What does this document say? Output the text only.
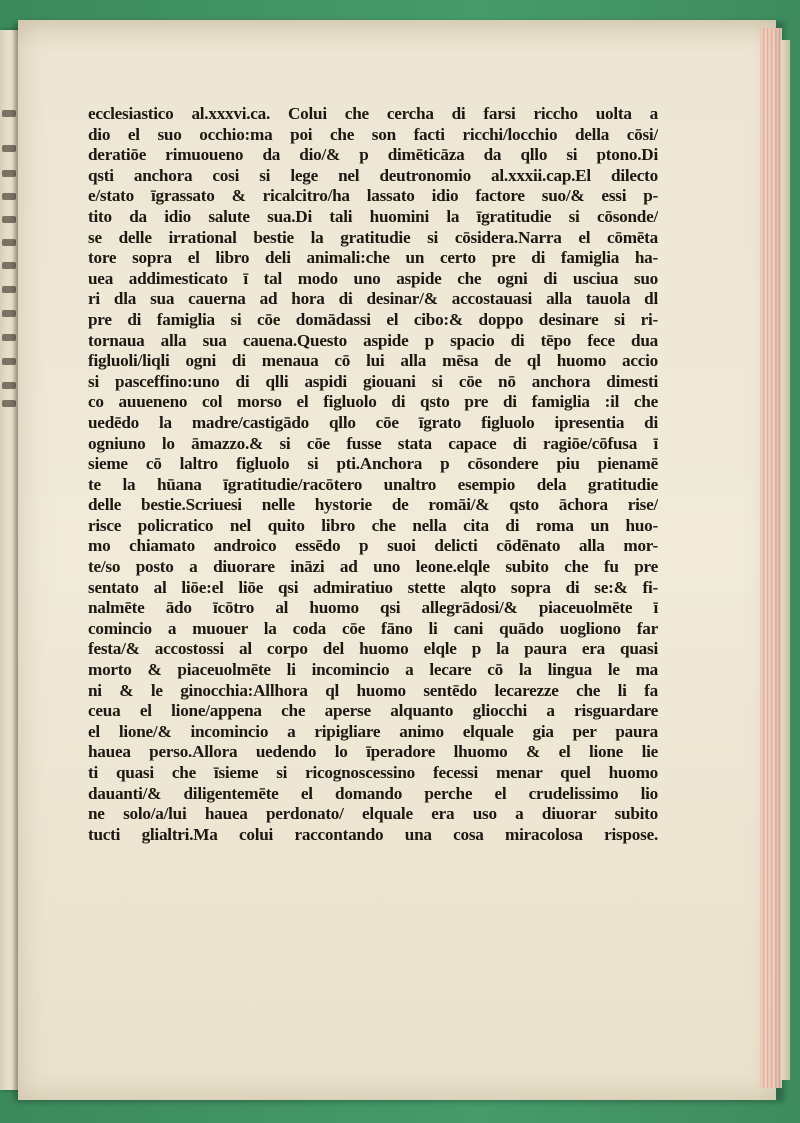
ecclesiastico al.xxxvi.ca. Colui che cercha di farsi riccho uolta a
dio el suo occhio:ma poi che son facti ricchi/locchio della cōsi/
deratiōe rimuoueno da dio/& p dimēticāza da qllo si ptono.Di
qsti anchora cosi si lege nel deutronomio al.xxxii.cap.El dilecto
e/stato īgrassato & ricalcitro/ha lassato idio factore suo/& essi p-
tito da idio salute sua.Di tali huomini la īgratitudie si cōsonde/
se delle irrational bestie la gratitudie si cōsidera.Narra el cōmēta
tore sopra el libro deli animali:che un certo pre di famiglia ha-
uea addimesticato ī tal modo uno aspide che ogni di usciua suo
ri dla sua cauerna ad hora di desinar/& accostauasi alla tauola dl
pre di famiglia si cōe domādassi el cibo:& doppo desinare si ri-
tornaua alla sua cauena.Questo aspide p spacio di tēpo fece dua
figluoli/liqli ogni di menaua cō lui alla mēsa de ql huomo accio
si pasceffino:uno di qlli aspidi giouani si cōe nō anchora dimesti
co auueneno col morso el figluolo di qsto pre di famiglia :il che
uedēdo la madre/castigādo qllo cōe īgrato figluolo ipresentia di
ogniuno lo āmazzo.& si cōe fusse stata capace di ragiōe/cōfusa ī
sieme cō laltro figluolo si pti.Anchora p cōsondere piu pienamē
te la hūana īgratitudie/racōtero unaltro esempio dela gratitudie
delle bestie.Scriuesi nelle hystorie de romāi/& qsto āchora rise/
risce policratico nel quito libro che nella cita di roma un huo-
mo chiamato androico essēdo p suoi delicti cōdēnato alla mor-
te/so posto a diuorare ināzi ad uno leone.elqle subito che fu pre
sentato al liōe:el liōe qsi admiratiuo stette alqto sopra di se:& fi-
nalmēte ādo īcōtro al huomo qsi allegrādosi/& piaceuolmēte ī
comincio a muouer la coda cōe fāno li cani quādo uogliono far
festa/& accostossi al corpo del huomo elqle p la paura era quasi
morto & piaceuolmēte li incomincio a lecare cō la lingua le ma
ni & le ginocchia:Allhora ql huomo sentēdo lecarezze che li fa
ceua el lione/appena che aperse alquanto gliocchi a risguardare
el lione/& incomincio a ripigliare animo elquale gia per paura
hauea perso.Allora uedendo lo īperadore lhuomo & el lione lie
ti quasi che īsieme si ricognoscessino fecessi menar quel huomo
dauanti/& diligentemēte el domando perche el crudelissimo lio
ne solo/a/lui hauea perdonato/ elquale era uso a diuorar subito
tucti glialtri.Ma colui raccontando una cosa miracolosa rispose.
